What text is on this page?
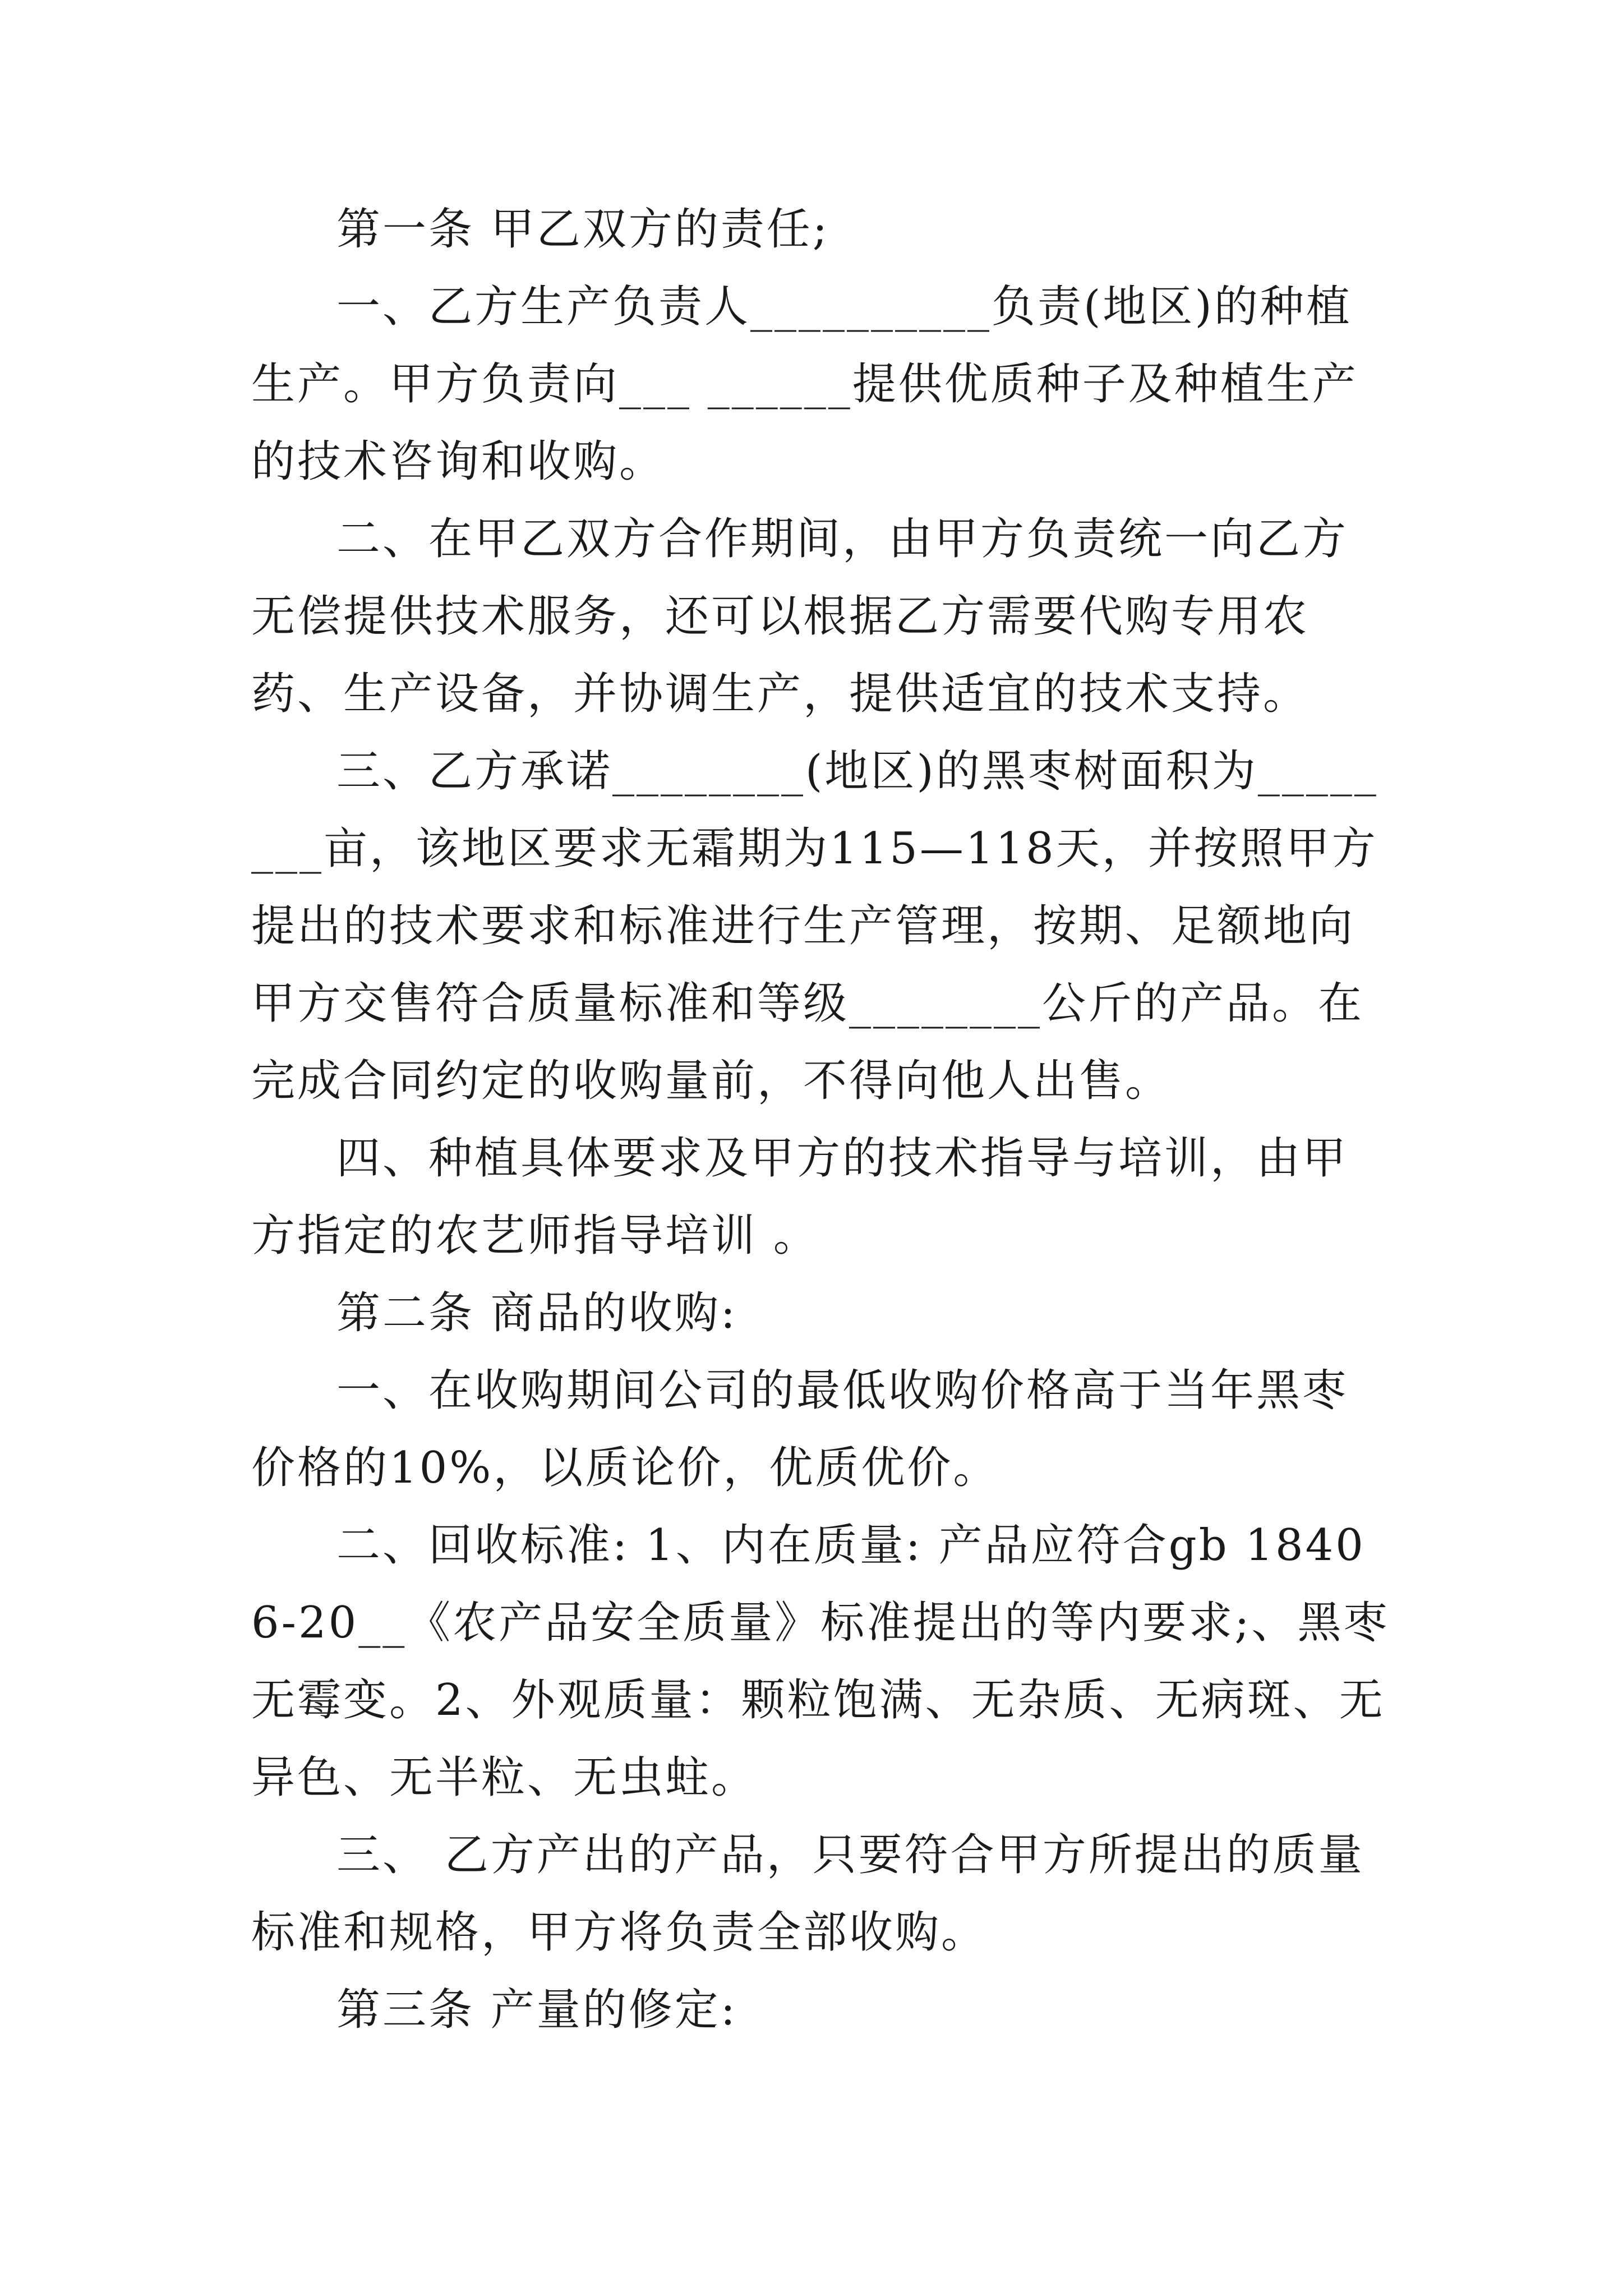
第一条 甲乙双方的责任;

一、乙方生产负责人__________负责(地区)的种植生产。甲方负责向___ ______提供优质种子及种植生产的技术咨询和收购。

二、在甲乙双方合作期间，由甲方负责统一向乙方无偿提供技术服务，还可以根据乙方需要代购专用农药、生产设备，并协调生产，提供适宜的技术支持。

三、乙方承诺________(地区)的黑枣树面积为________亩，该地区要求无霜期为115—118天，并按照甲方提出的技术要求和标准进行生产管理，按期、足额地向甲方交售符合质量标准和等级________公斤的产品。在完成合同约定的收购量前，不得向他人出售。

四、种植具体要求及甲方的技术指导与培训，由甲方指定的农艺师指导培训 。

第二条 商品的收购:

一、在收购期间公司的最低收购价格高于当年黑枣价格的10%，以质论价，优质优价。

二、回收标准: 1、内在质量: 产品应符合gb 18406-20__《农产品安全质量》标准提出的等内要求;、黑枣无霉变。2、外观质量：颗粒饱满、无杂质、无病斑、无异色、无半粒、无虫蛀。

三、 乙方产出的产品，只要符合甲方所提出的质量标准和规格，甲方将负责全部收购。

第三条 产量的修定:
